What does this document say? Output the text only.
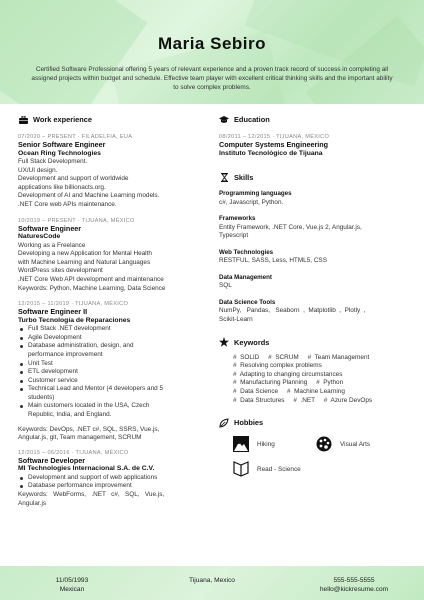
Maria Sebiro
Certified Software Professional offering 5 years of relevant experience and a proven track record of success in completing all assigned projects within budget and schedule. Effective team player with excellent critical thinking skills and the important ability to solve complex problems.
Work experience
07/2020 – PRESENT · FILADELFIA, EUA
Senior Software Engineer
Ocean Ring Technologies
Full Stack Development.
UX/UI design.
Development and support of worldwide
applications like billionacts.org.
Development of AI and Machine Learning models.
.NET Core web APIs maintenance.
10/2019 – PRESENT · TIJUANA, MÉXICO
Software Engineer
NaturesCode
Working as a Freelance
Developing a new Application for Mental Health
with Machine Learning and Natural Languages
WordPress sites development
.NET Core Web API development and maintenance
Keywords: Python, Machine Learning, Data Science
12/2015 – 11/2019 · TIJUANA, MÉXICO
Software Engineer II
Turbo Tecnología de Reparaciones
Full Stack .NET development
Agile Development
Database administration, design, and
performance improvement
Unit Test
ETL development
Customer service
Technical Lead and Mentor (4 developers and 5
students)
Main customers located in the USA, Czech
Republic, India, and England.
Keywords: DevOps, .NET c#, SQL, SSRS, Vue.js,
Angular.js, git, Team management, SCRUM
12/2015 – 06/2016 · TIJUANA, MÉXICO
Software Developer
MI Technologies Internacional S.A. de C.V.
Development and support of web applications
Database performance improvement
Keywords:   WebForms,   .NET   c#,   SQL,   Vue.js,
Angular.js
Education
08/2011 – 12/2015 · TIJUANA, MÉXICO
Computer Systems Engineering
Instituto Tecnológico de Tijuana
Skills
Programming languages
c#, Javascript, Python.
Frameworks
Entity Framework, .NET Core, Vue.js 2, Angular.js,
Typescript
Web Technologies
RESTFUL, SASS, Less, HTML5, CSS
Data Management
SQL
Data Science Tools
NumPy,   Pandas,   Seaborn  ,  Matplotlib  ,  Plotly  ,
Scikit-Learn
Keywords
#  SOLID     #  SCRUM     #  Team Management
#  Resolving complex problems
#  Adapting to changing circumstances
#  Manufacturing Planning     #  Python
#  Data Science     #  Machine Learning
#  Data Structures     #  .NET     #  Azure DevOps
Hobbies
Hiking	Visual Arts
Read - Science
11/05/1993
Mexican
Tijuana, Mexico	555-555-5555
hello@kickresume.com
